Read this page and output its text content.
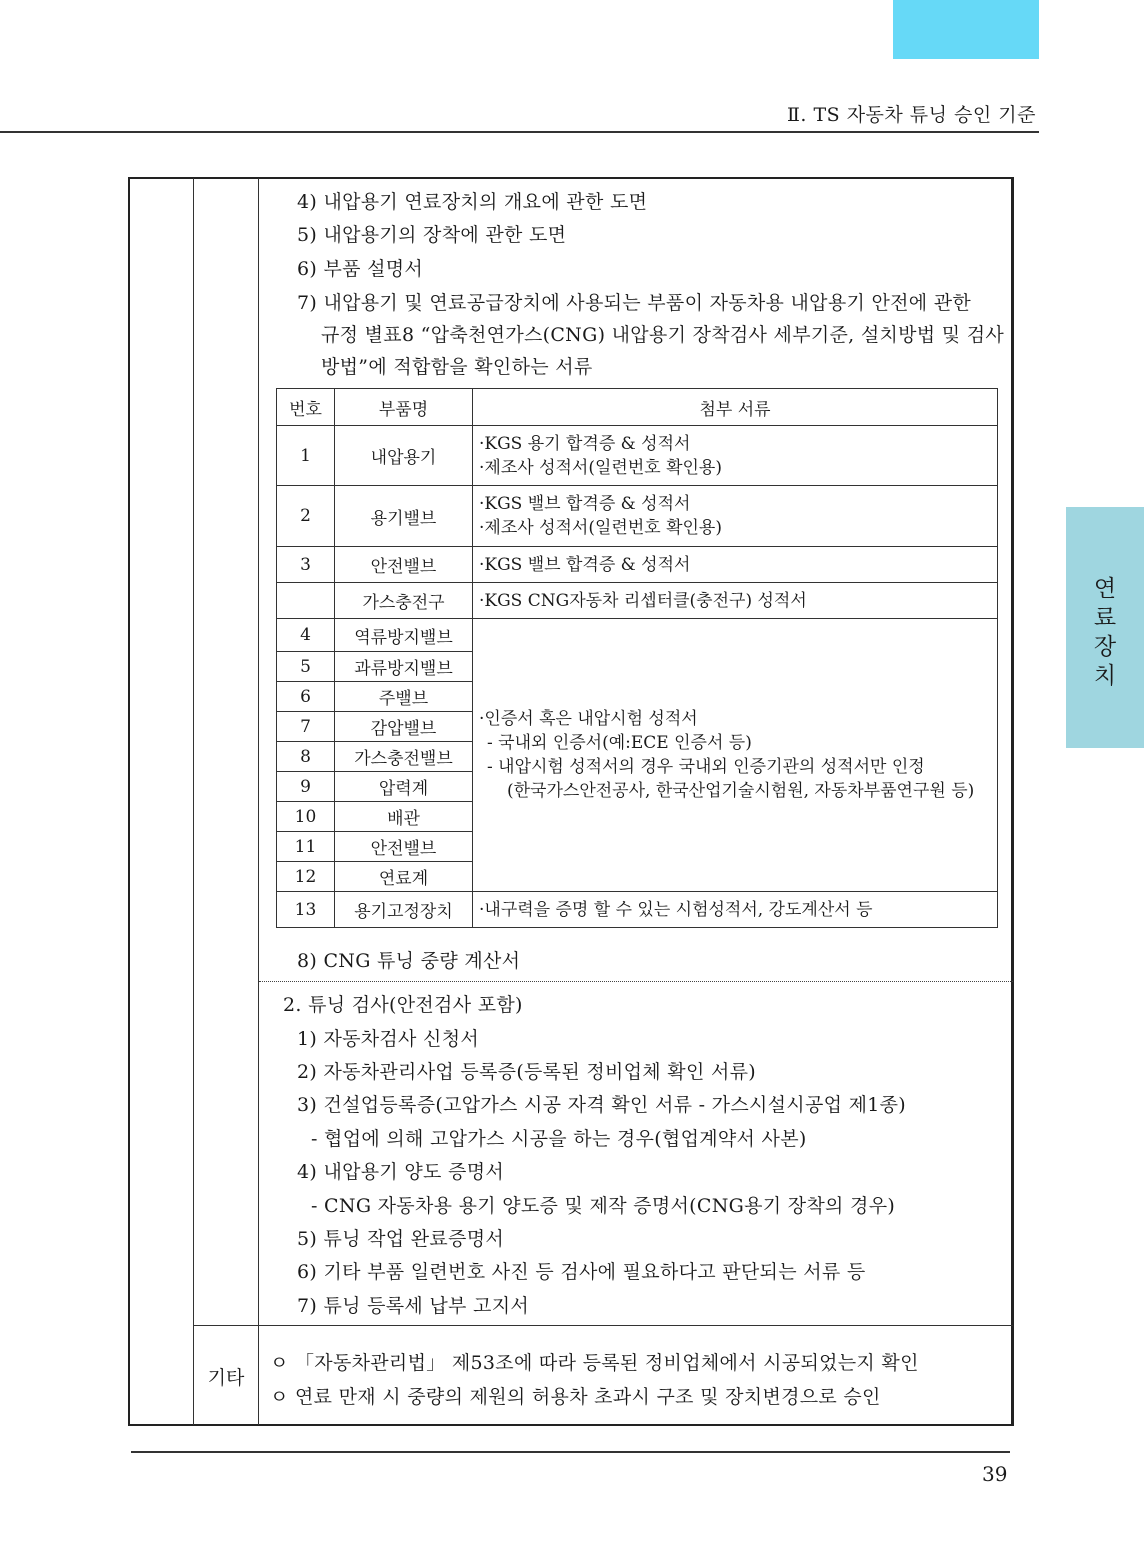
Ⅱ. TS 자동차 튜닝 승인 기준
연
료
장
치
4) 내압용기 연료장치의 개요에 관한 도면
5) 내압용기의 장착에 관한 도면
6) 부품 설명서
7) 내압용기 및 연료공급장치에 사용되는 부품이 자동차용 내압용기 안전에 관한
규정 별표8 “압축천연가스(CNG) 내압용기 장착검사 세부기준, 설치방법 및 검사
방법”에 적합함을 확인하는 서류
번호	부품명	첨부 서류
1	내압용기	·KGS 용기 합격증 & 성적서
·제조사 성적서(일련번호 확인용)

2	용기밸브	·KGS 밸브 합격증 & 성적서
·제조사 성적서(일련번호 확인용)

3	안전밸브	·KGS 밸브 합격증 & 성적서

	가스충전구	·KGS CNG자동차 리셉터클(충전구) 성적서

4	역류방지밸브	·인증서 혹은 내압시험 성적서
- 국내외 인증서(예:ECE 인증서 등)
- 내압시험 성적서의 경우 국내외 인증기관의 성적서만 인정
(한국가스안전공사, 한국산업기술시험원, 자동차부품연구원 등)

5	과류방지밸브	
6	주밸브	
7	감압밸브	
8	가스충전밸브	
9	압력계	
10	배관	
11	안전밸브	
12	연료계	
13	용기고정장치	·내구력을 증명 할 수 있는 시험성적서, 강도계산서 등
8) CNG 튜닝 중량 계산서
2. 튜닝 검사(안전검사 포함)
1) 자동차검사 신청서
2) 자동차관리사업 등록증(등록된 정비업체 확인 서류)
3) 건설업등록증(고압가스 시공 자격 확인 서류 - 가스시설시공업 제1종)
- 협업에 의해 고압가스 시공을 하는 경우(협업계약서 사본)
4) 내압용기 양도 증명서
- CNG 자동차용 용기 양도증 및 제작 증명서(CNG용기 장착의 경우)
5) 튜닝 작업 완료증명서
6) 기타 부품 일련번호 사진 등 검사에 필요하다고 판단되는 서류 등
7) 튜닝 등록세 납부 고지서
기타
ㅇ 「자동차관리법」 제53조에 따라 등록된 정비업체에서 시공되었는지 확인
ㅇ 연료 만재 시 중량의 제원의 허용차 초과시 구조 및 장치변경으로 승인
39
